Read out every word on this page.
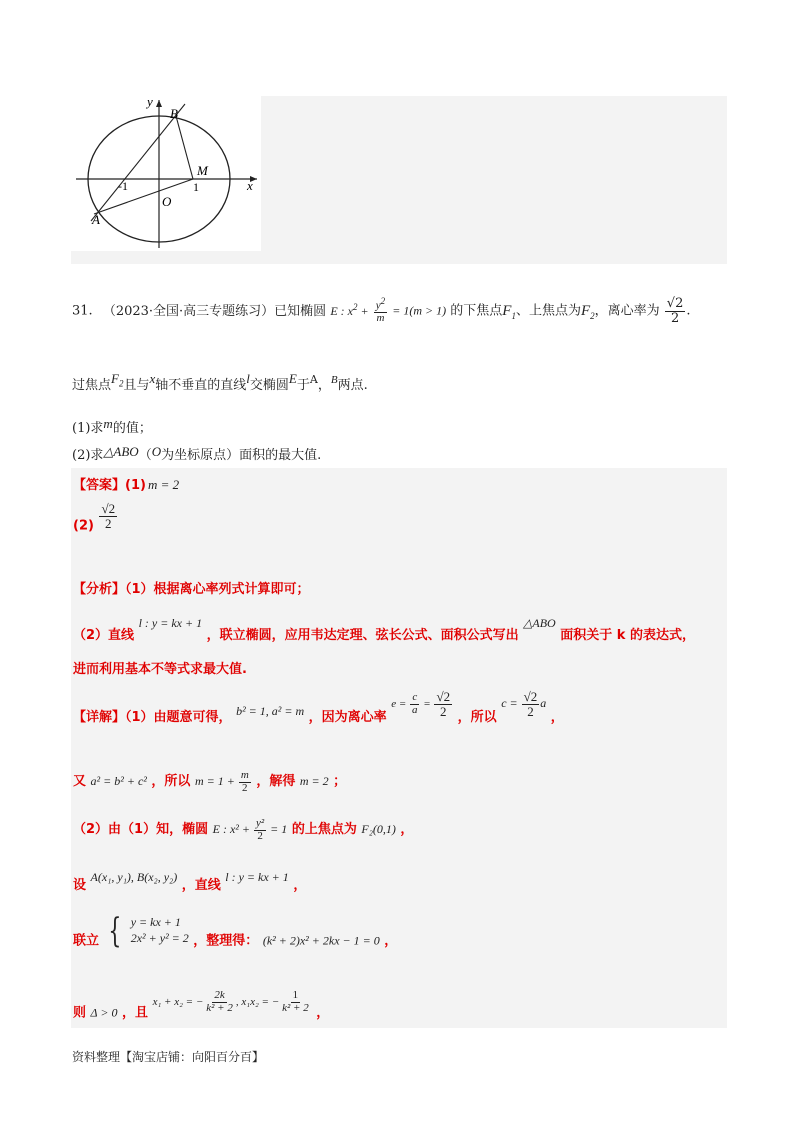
y
x
B
M
-1	1
O
A
31. （2023·全国·高三专题练习）已知椭圆 E : $x^2 + \frac{y^2}{m} = 1(m > 1)$ 的下焦点$F_1$、上焦点为$F_2$，离心率为 $\frac{√2}{2}$ .
过焦点$F_2$且与x轴不垂直的直线l交椭圆E于$^A$，$^B$两点.
(1)求m的值；
(2)求△ABO（O为坐标原点）面积的最大值.
【答案】(1) m = 2
$(2) \frac{√2}{2}$
【分析】（1）根据离心率列式计算即可；
（2）直线 l : y = kx + 1 ，联立椭圆，应用韦达定理、弦长公式、面积公式写出 △ABO 面积关于 k 的表达式，
进而利用基本不等式求最大值.
【详解】（1）由题意可得， b² = 1, a² = m ，因为离心率 $^{e = \frac{c}{a} = \frac{√2}{2}}$ ，所以 $c = \frac{√2}{2}$ a ，
又 a² = b² + c² ，所以 $m = 1 + \frac{m}{2}$ ，解得 m = 2 ；
（2）由（1）知，椭圆 E : $x^2 + \frac{\text{y²}}{2} = 1$ 的上焦点为 F₂(0,1) ，
设 A(x₁, y₁), B(x₂, y₂) ，直线 l : y = kx + 1 ，
联立 { y = kx + 1
2x² + y² = 2 ，整理得： (k² + 2)x² + 2kx − 1 = 0 ，
则 Δ > 0 ，且 $^{x_1 + x_2 = - \frac{2k}{\text{k² + 2}} , x_1x_2 = - \frac{1}{\text{k² + 2}}}$ ，
资料整理【淘宝店铺：向阳百分百】
